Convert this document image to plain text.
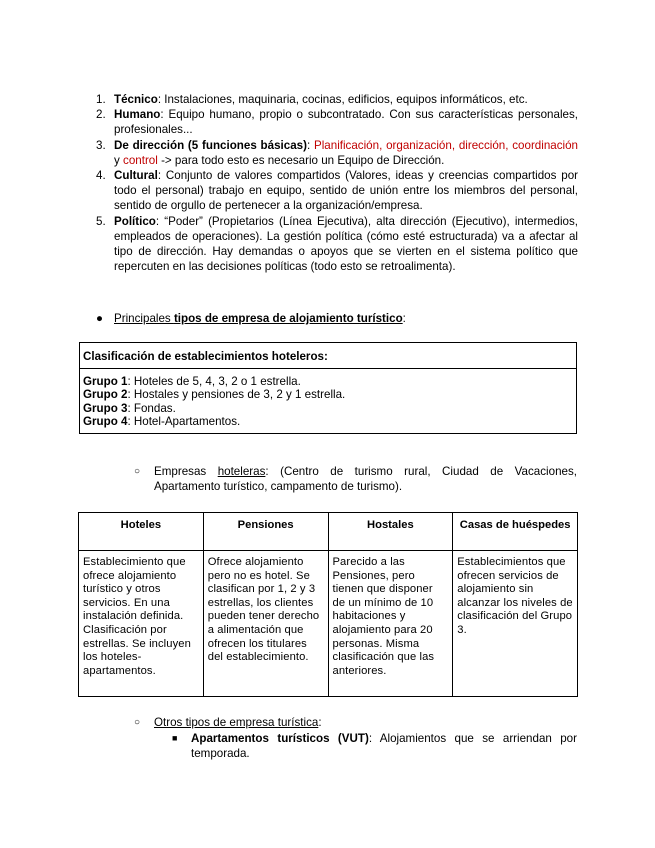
1. Técnico: Instalaciones, maquinaria, cocinas, edificios, equipos informáticos, etc.
2. Humano: Equipo humano, propio o subcontratado. Con sus características personales, profesionales...
3. De dirección (5 funciones básicas): Planificación, organización, dirección, coordinación y control -> para todo esto es necesario un Equipo de Dirección.
4. Cultural: Conjunto de valores compartidos (Valores, ideas y creencias compartidos por todo el personal) trabajo en equipo, sentido de unión entre los miembros del personal, sentido de orgullo de pertenecer a la organización/empresa.
5. Político: “Poder” (Propietarios (Línea Ejecutiva), alta dirección (Ejecutivo), intermedios, empleados de operaciones). La gestión política (cómo esté estructurada) va a afectar al tipo de dirección. Hay demandas o apoyos que se vierten en el sistema político que repercuten en las decisiones políticas (todo esto se retroalimenta).
● Principales tipos de empresa de alojamiento turístico:
Clasificación de establecimientos hoteleros:
Grupo 1: Hoteles de 5, 4, 3, 2 o 1 estrella.
Grupo 2: Hostales y pensiones de 3, 2 y 1 estrella.
Grupo 3: Fondas.
Grupo 4: Hotel-Apartamentos.
○ Empresas hoteleras: (Centro de turismo rural, Ciudad de Vacaciones, Apartamento turístico, campamento de turismo).
Hoteles	Pensiones	Hostales	Casas de huéspedes
Establecimiento que ofrece alojamiento turístico y otros servicios. En una instalación definida. Clasificación por estrellas. Se incluyen los hoteles-apartamentos.	Ofrece alojamiento pero no es hotel. Se clasifican por 1, 2 y 3 estrellas, los clientes pueden tener derecho a alimentación que ofrecen los titulares del establecimiento.	Parecido a las Pensiones, pero tienen que disponer de un mínimo de 10 habitaciones y alojamiento para 20 personas. Misma clasificación que las anteriores.	Establecimientos que ofrecen servicios de alojamiento sin alcanzar los niveles de clasificación del Grupo 3.
○ Otros tipos de empresa turística:
■ Apartamentos turísticos (VUT): Alojamientos que se arriendan por temporada.
